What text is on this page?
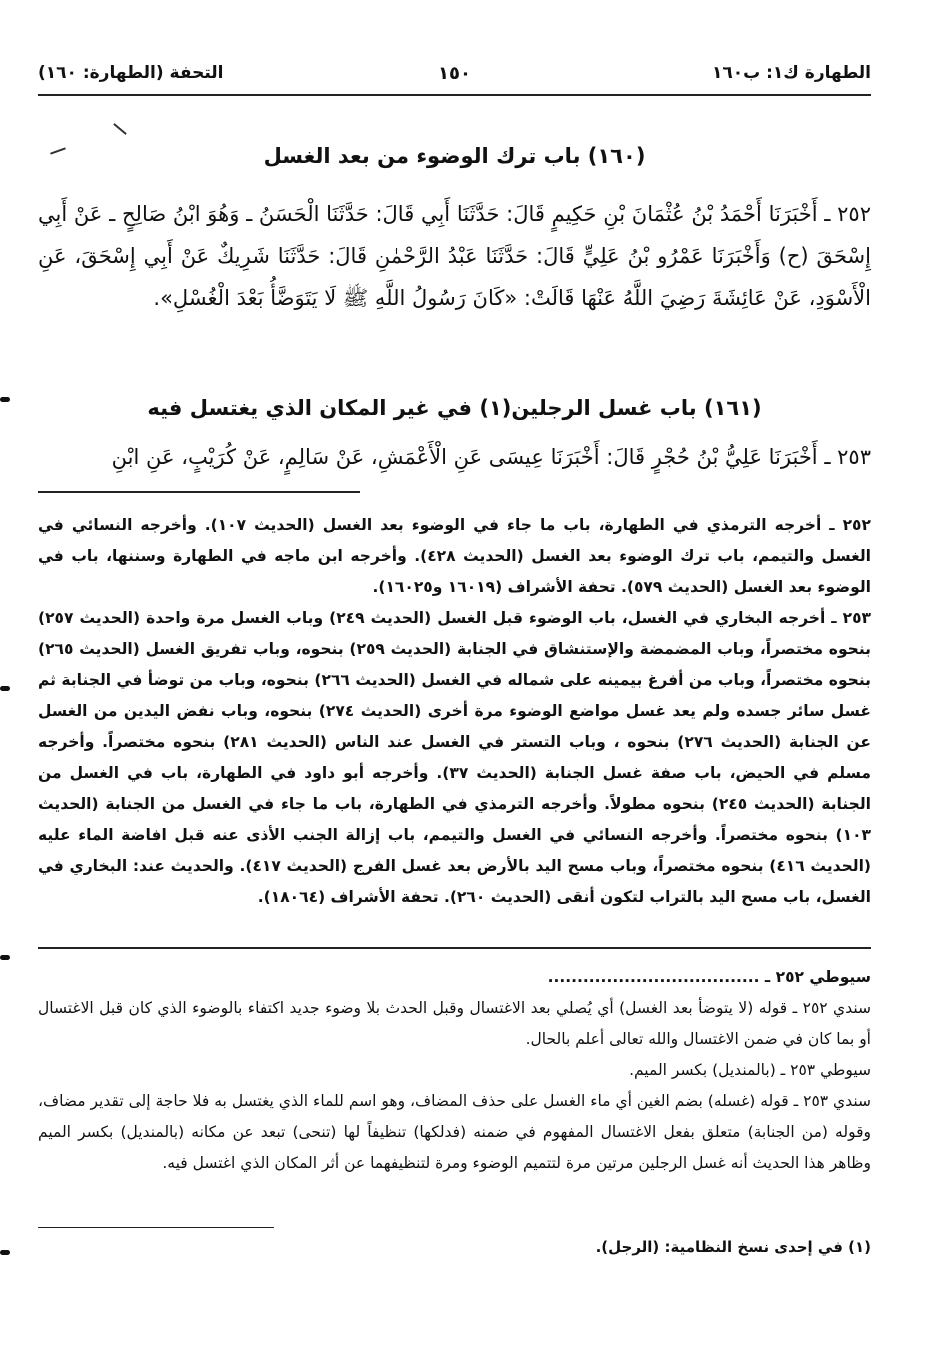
الطهارة ك١: ب١٦٠
١٥٠
التحفة (الطهارة: ١٦٠)
(١٦٠) باب ترك الوضوء من بعد الغسل

٢٥٢ ـ أَخْبَرَنَا أَحْمَدُ بْنُ عُثْمَانَ بْنِ حَكِيمٍ قَالَ: حَدَّثَنَا أَبِي قَالَ: حَدَّثَنَا الْحَسَنُ ـ وَهُوَ ابْنُ صَالِحٍ ـ عَنْ أَبِي إِسْحَقَ (ح) وَأَخْبَرَنَا عَمْرُو بْنُ عَلِيٍّ قَالَ: حَدَّثَنَا عَبْدُ الرَّحْمٰنِ قَالَ: حَدَّثَنَا شَرِيكٌ عَنْ أَبِي إِسْحَقَ، عَنِ الْأَسْوَدِ، عَنْ عَائِشَةَ رَضِيَ اللَّهُ عَنْهَا قَالَتْ: «كَانَ رَسُولُ اللَّهِ ﷺ لَا يَتَوَضَّأُ بَعْدَ الْغُسْلِ».

(١٦١) باب غسل الرجلين(١) في غير المكان الذي يغتسل فيه

٢٥٣ ـ أَخْبَرَنَا عَلِيُّ بْنُ حُجْرٍ قَالَ: أَخْبَرَنَا عِيسَى عَنِ الْأَعْمَشِ، عَنْ سَالِمٍ، عَنْ كُرَيْبٍ، عَنِ ابْنِ

٢٥٢ ـ أخرجه الترمذي في الطهارة، باب ما جاء في الوضوء بعد الغسل (الحديث ١٠٧). وأخرجه النسائي في الغسل والتيمم، باب ترك الوضوء بعد الغسل (الحديث ٤٢٨). وأخرجه ابن ماجه في الطهارة وسننها، باب في الوضوء بعد الغسل (الحديث ٥٧٩). تحفة الأشراف (١٦٠١٩ و١٦٠٢٥).

٢٥٣ ـ أخرجه البخاري في الغسل، باب الوضوء قبل الغسل (الحديث ٢٤٩) وباب الغسل مرة واحدة (الحديث ٢٥٧) بنحوه مختصراً، وباب المضمضة والإستنشاق في الجنابة (الحديث ٢٥٩) بنحوه، وباب تفريق الغسل (الحديث ٢٦٥) بنحوه مختصراً، وباب من أفرغ بيمينه على شماله في الغسل (الحديث ٢٦٦) بنحوه، وباب من توضأ في الجنابة ثم غسل سائر جسده ولم يعد غسل مواضع الوضوء مرة أخرى (الحديث ٢٧٤) بنحوه، وباب نفض اليدين من الغسل عن الجنابة (الحديث ٢٧٦) بنحوه ، وباب التستر في الغسل عند الناس (الحديث ٢٨١) بنحوه مختصراً. وأخرجه مسلم في الحيض، باب صفة غسل الجنابة (الحديث ٣٧). وأخرجه أبو داود في الطهارة، باب في الغسل من الجنابة (الحديث ٢٤٥) بنحوه مطولاً. وأخرجه الترمذي في الطهارة، باب ما جاء في الغسل من الجنابة (الحديث ١٠٣) بنحوه مختصراً. وأخرجه النسائي في الغسل والتيمم، باب إزالة الجنب الأذى عنه قبل افاضة الماء عليه (الحديث ٤١٦) بنحوه مختصراً، وباب مسح اليد بالأرض بعد غسل الفرج (الحديث ٤١٧). والحديث عند: البخاري في الغسل، باب مسح اليد بالتراب لتكون أنقى (الحديث ٢٦٠). تحفة الأشراف (١٨٠٦٤).

سيوطي ٢٥٢ ـ ....................................

سندي ٢٥٢ ـ قوله (لا يتوضأ بعد الغسل) أي يُصلي بعد الاغتسال وقبل الحدث بلا وضوء جديد اكتفاء بالوضوء الذي كان قبل الاغتسال أو بما كان في ضمن الاغتسال والله تعالى أعلم بالحال.

سيوطي ٢٥٣ ـ (بالمنديل) بكسر الميم.

سندي ٢٥٣ ـ قوله (غسله) بضم الغين أي ماء الغسل على حذف المضاف، وهو اسم للماء الذي يغتسل به فلا حاجة إلى تقدير مضاف، وقوله (من الجنابة) متعلق بفعل الاغتسال المفهوم في ضمنه (فدلكها) تنظيفاً لها (تنحى) تبعد عن مكانه (بالمنديل) بكسر الميم وظاهر هذا الحديث أنه غسل الرجلين مرتين مرة لتتميم الوضوء ومرة لتنظيفهما عن أثر المكان الذي اغتسل فيه.

(١) في إحدى نسخ النظامية: (الرجل).
